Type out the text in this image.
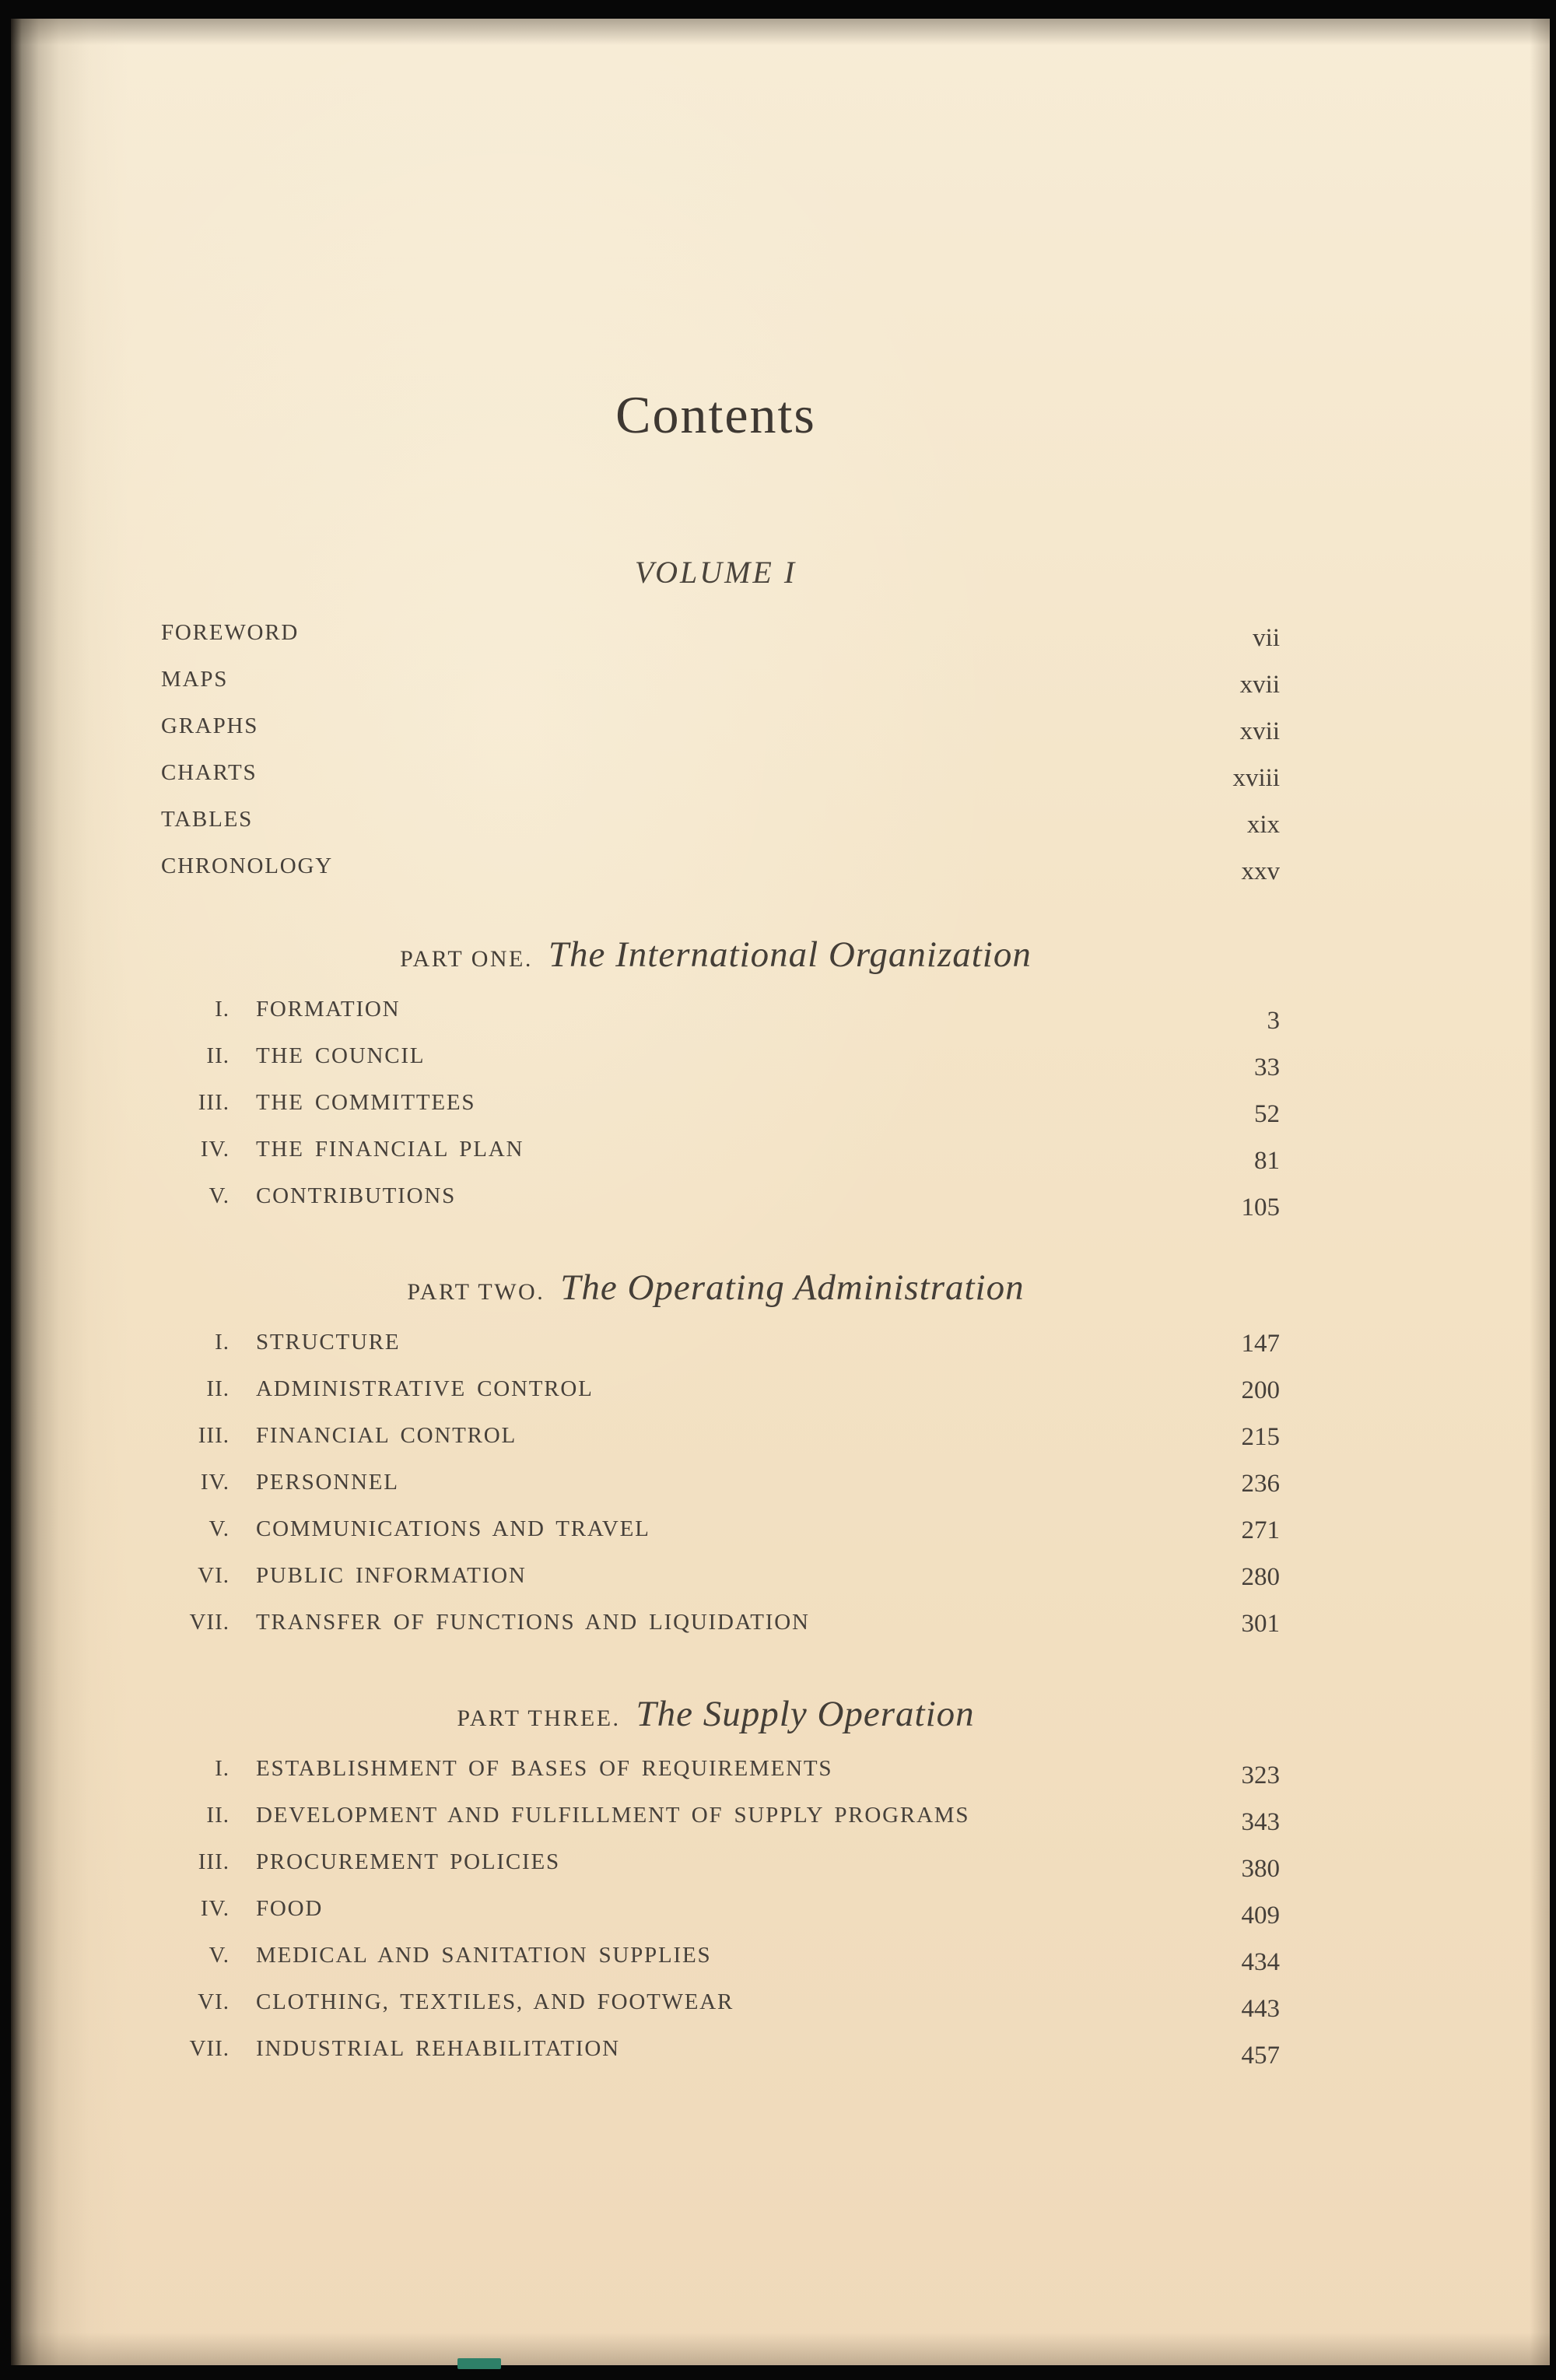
Contents
VOLUME I
FOREWORD	vii
MAPS	xvii
GRAPHS	xvii
CHARTS	xviii
TABLES	xix
CHRONOLOGY	xxv
PART ONE. The International Organization
I. FORMATION	3
II. THE COUNCIL	33
III. THE COMMITTEES	52
IV. THE FINANCIAL PLAN	81
V. CONTRIBUTIONS	105
PART TWO. The Operating Administration
I. STRUCTURE	147
II. ADMINISTRATIVE CONTROL	200
III. FINANCIAL CONTROL	215
IV. PERSONNEL	236
V. COMMUNICATIONS AND TRAVEL	271
VI. PUBLIC INFORMATION	280
VII. TRANSFER OF FUNCTIONS AND LIQUIDATION	301
PART THREE. The Supply Operation
I. ESTABLISHMENT OF BASES OF REQUIREMENTS	323
II. DEVELOPMENT AND FULFILLMENT OF SUPPLY PROGRAMS	343
III. PROCUREMENT POLICIES	380
IV. FOOD	409
V. MEDICAL AND SANITATION SUPPLIES	434
VI. CLOTHING, TEXTILES, AND FOOTWEAR	443
VII. INDUSTRIAL REHABILITATION	457
